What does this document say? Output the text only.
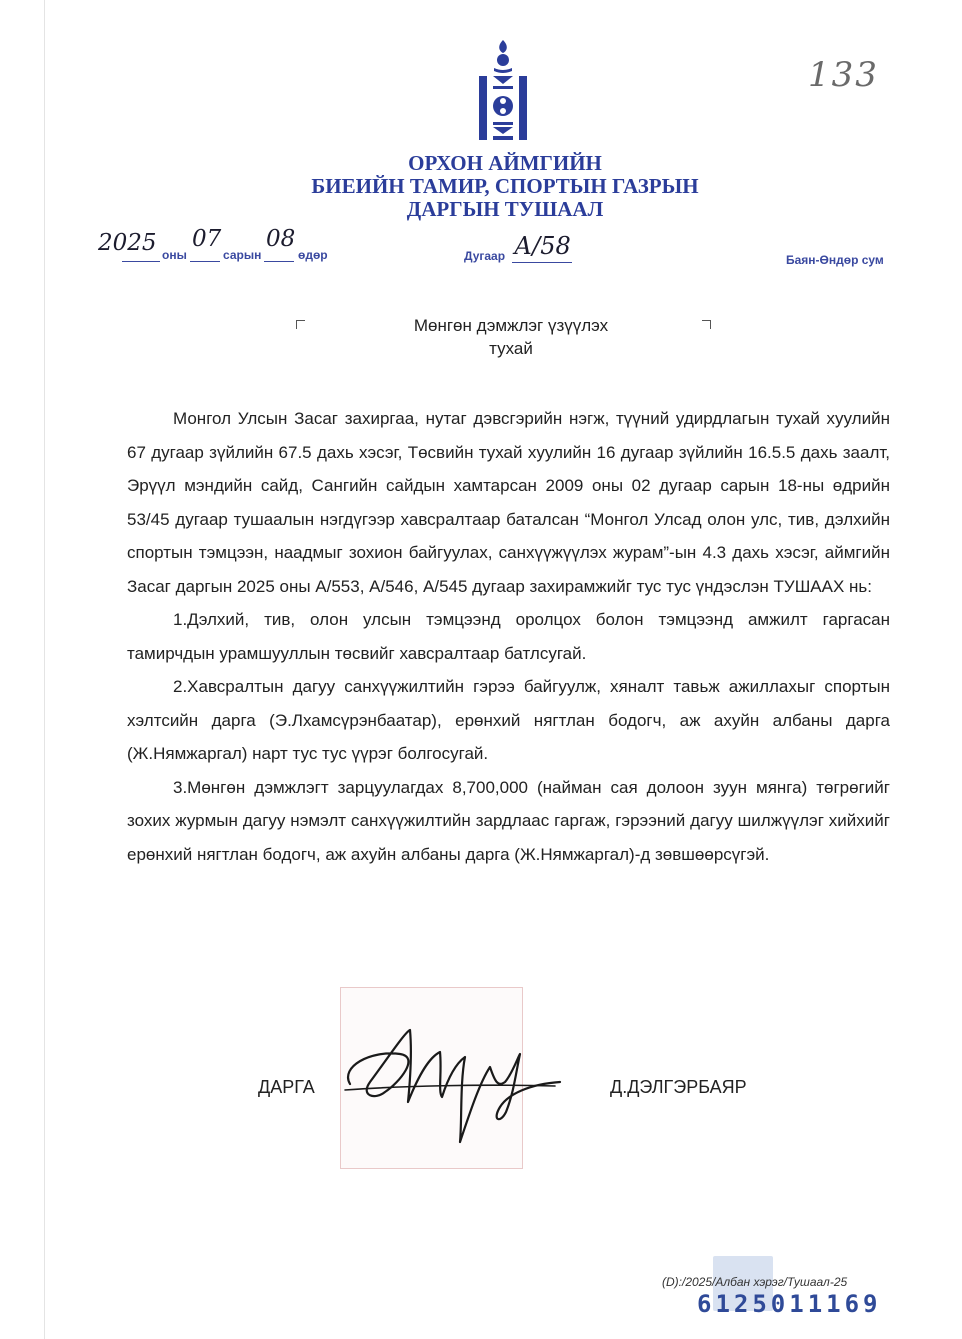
133
ОРХОН АЙМГИЙН
БИЕИЙН ТАМИР, СПОРТЫН ГАЗРЫН
ДАРГЫН ТУШААЛ
2025 оны
07
сарын
08
өдөр	Дугаар А/58	Баян-Өндөр сум
Мөнгөн дэмжлэг үзүүлэх
тухай

Монгол Улсын Засаг захиргаа, нутаг дэвсгэрийн нэгж, түүний удирдлагын тухай хуулийн 67 дугаар зүйлийн 67.5 дахь хэсэг, Төсвийн тухай хуулийн 16 дугаар зүйлийн 16.5.5 дахь заалт, Эрүүл мэндийн сайд, Сангийн сайдын хамтарсан 2009 оны 02 дугаар сарын 18-ны өдрийн 53/45 дугаар тушаалын нэгдүгээр хавсралтаар баталсан “Монгол Улсад олон улс, тив, дэлхийн спортын тэмцээн, наадмыг зохион байгуулах, санхүүжүүлэх журам”-ын 4.3 дахь хэсэг, аймгийн Засаг даргын 2025 оны А/553, А/546, А/545 дугаар захирамжийг тус тус үндэслэн ТУШААХ нь:

1.Дэлхий, тив, олон улсын тэмцээнд оролцох болон тэмцээнд амжилт гаргасан тамирчдын урамшууллын төсвийг хавсралтаар батлсугай.

2.Хавсралтын дагуу санхүүжилтийн гэрээ байгуулж, хяналт тавьж ажиллахыг спортын хэлтсийн дарга (Э.Лхамсүрэнбаатар), ерөнхий нягтлан бодогч, аж ахуйн албаны дарга (Ж.Нямжаргал) нарт тус тус үүрэг болгосугай.

3.Мөнгөн дэмжлэгт зарцуулагдах 8,700,000 (найман сая долоон зуун мянга) төгрөгийг зохих журмын дагуу нэмэлт санхүүжилтийн зардлаас гаргаж, гэрээний дагуу шилжүүлэг хийхийг ерөнхий нягтлан бодогч, аж ахуйн албаны дарга (Ж.Нямжаргал)-д зөвшөөрсүгэй.

ДАРГА	Д.ДЭЛГЭРБАЯР
(D):/2025/Албан хэрэг/Тушаал-25
6125011169
